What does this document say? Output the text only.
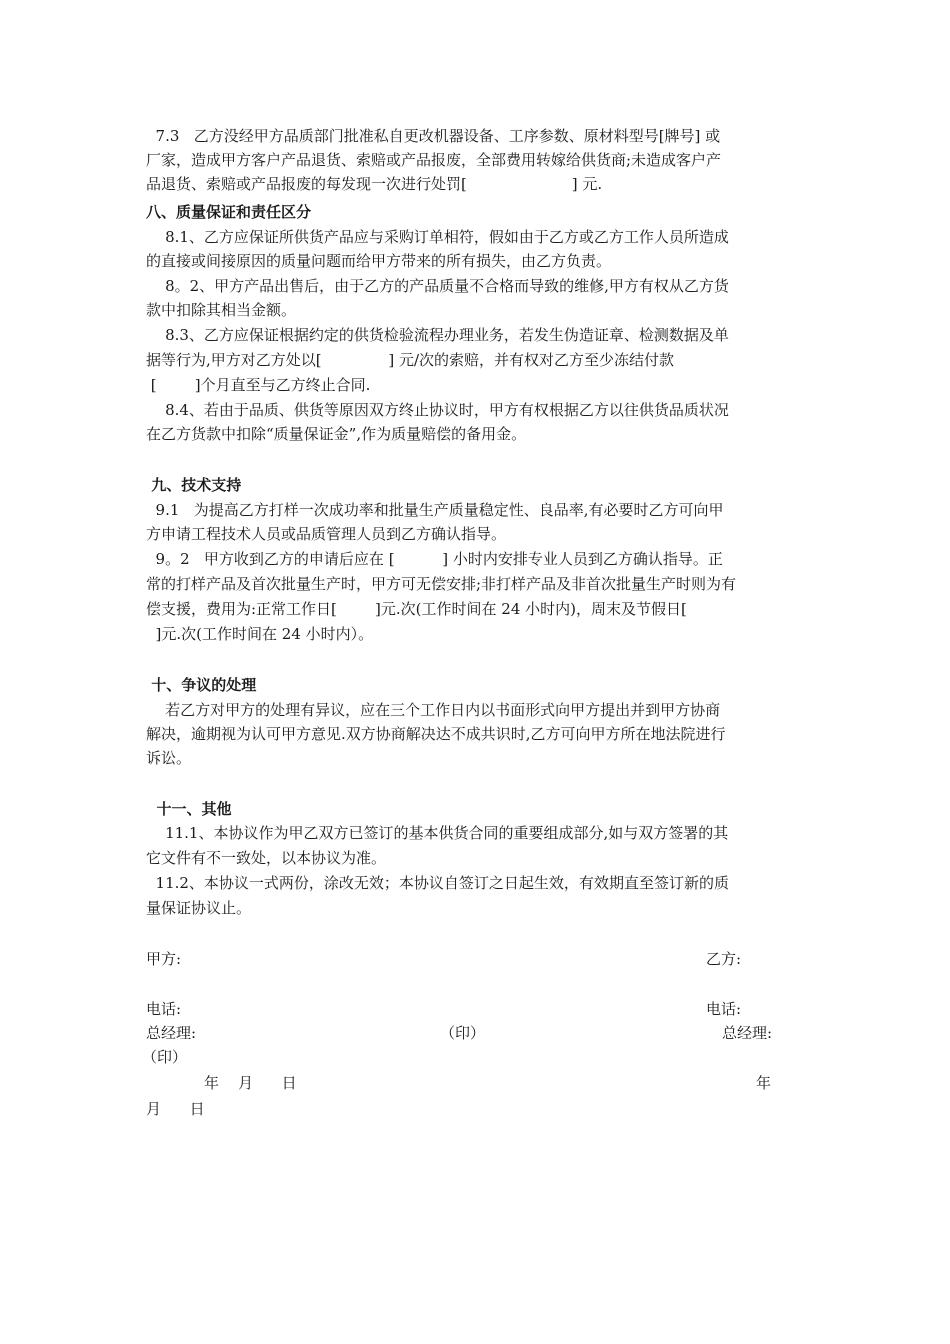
7.3   乙方没经甲方品质部门批准私自更改机器设备、工序参数、原材料型号[牌号] 或
厂家，造成甲方客户产品退货、索赔或产品报废，全部费用转嫁给供货商;未造成客户产
品退货、索赔或产品报废的每发现一次进行处罚[                      ] 元.
八、质量保证和责任区分
8.1、乙方应保证所供货产品应与采购订单相符，假如由于乙方或乙方工作人员所造成
的直接或间接原因的质量问题而给甲方带来的所有损失，由乙方负责。
8。2、甲方产品出售后，由于乙方的产品质量不合格而导致的维修,甲方有权从乙方货
款中扣除其相当金额。
8.3、乙方应保证根据约定的供货检验流程办理业务，若发生伪造证章、检测数据及单
据等行为,甲方对乙方处以[              ] 元/次的索赔，并有权对乙方至少冻结付款
[        ]个月直至与乙方终止合同.
8.4、若由于品质、供货等原因双方终止协议时，甲方有权根据乙方以往供货品质状况
在乙方货款中扣除“质量保证金”,作为质量赔偿的备用金。
九、技术支持
9.1   为提高乙方打样一次成功率和批量生产质量稳定性、良品率,有必要时乙方可向甲
方申请工程技术人员或品质管理人员到乙方确认指导。
9。2   甲方收到乙方的申请后应在 [          ] 小时内安排专业人员到乙方确认指导。正
常的打样产品及首次批量生产时，甲方可无偿安排;非打样产品及非首次批量生产时则为有
偿支援，费用为:正常工作日[        ]元.次(工作时间在 24 小时内)，周末及节假日[
]元.次(工作时间在 24 小时内）。
十、争议的处理
若乙方对甲方的处理有异议，应在三个工作日内以书面形式向甲方提出并到甲方协商
解决，逾期视为认可甲方意见.双方协商解决达不成共识时,乙方可向甲方所在地法院进行
诉讼。
十一、其他
11.1、本协议作为甲乙双方已签订的基本供货合同的重要组成部分,如与双方签署的其
它文件有不一致处，以本协议为准。
11.2、本协议一式两份，涂改无效；本协议自签订之日起生效，有效期直至签订新的质
量保证协议止。
甲方:	乙方:
电话:	电话:
总经理:	（印）	总经理:
（印）
年    月      日	年
月      日
